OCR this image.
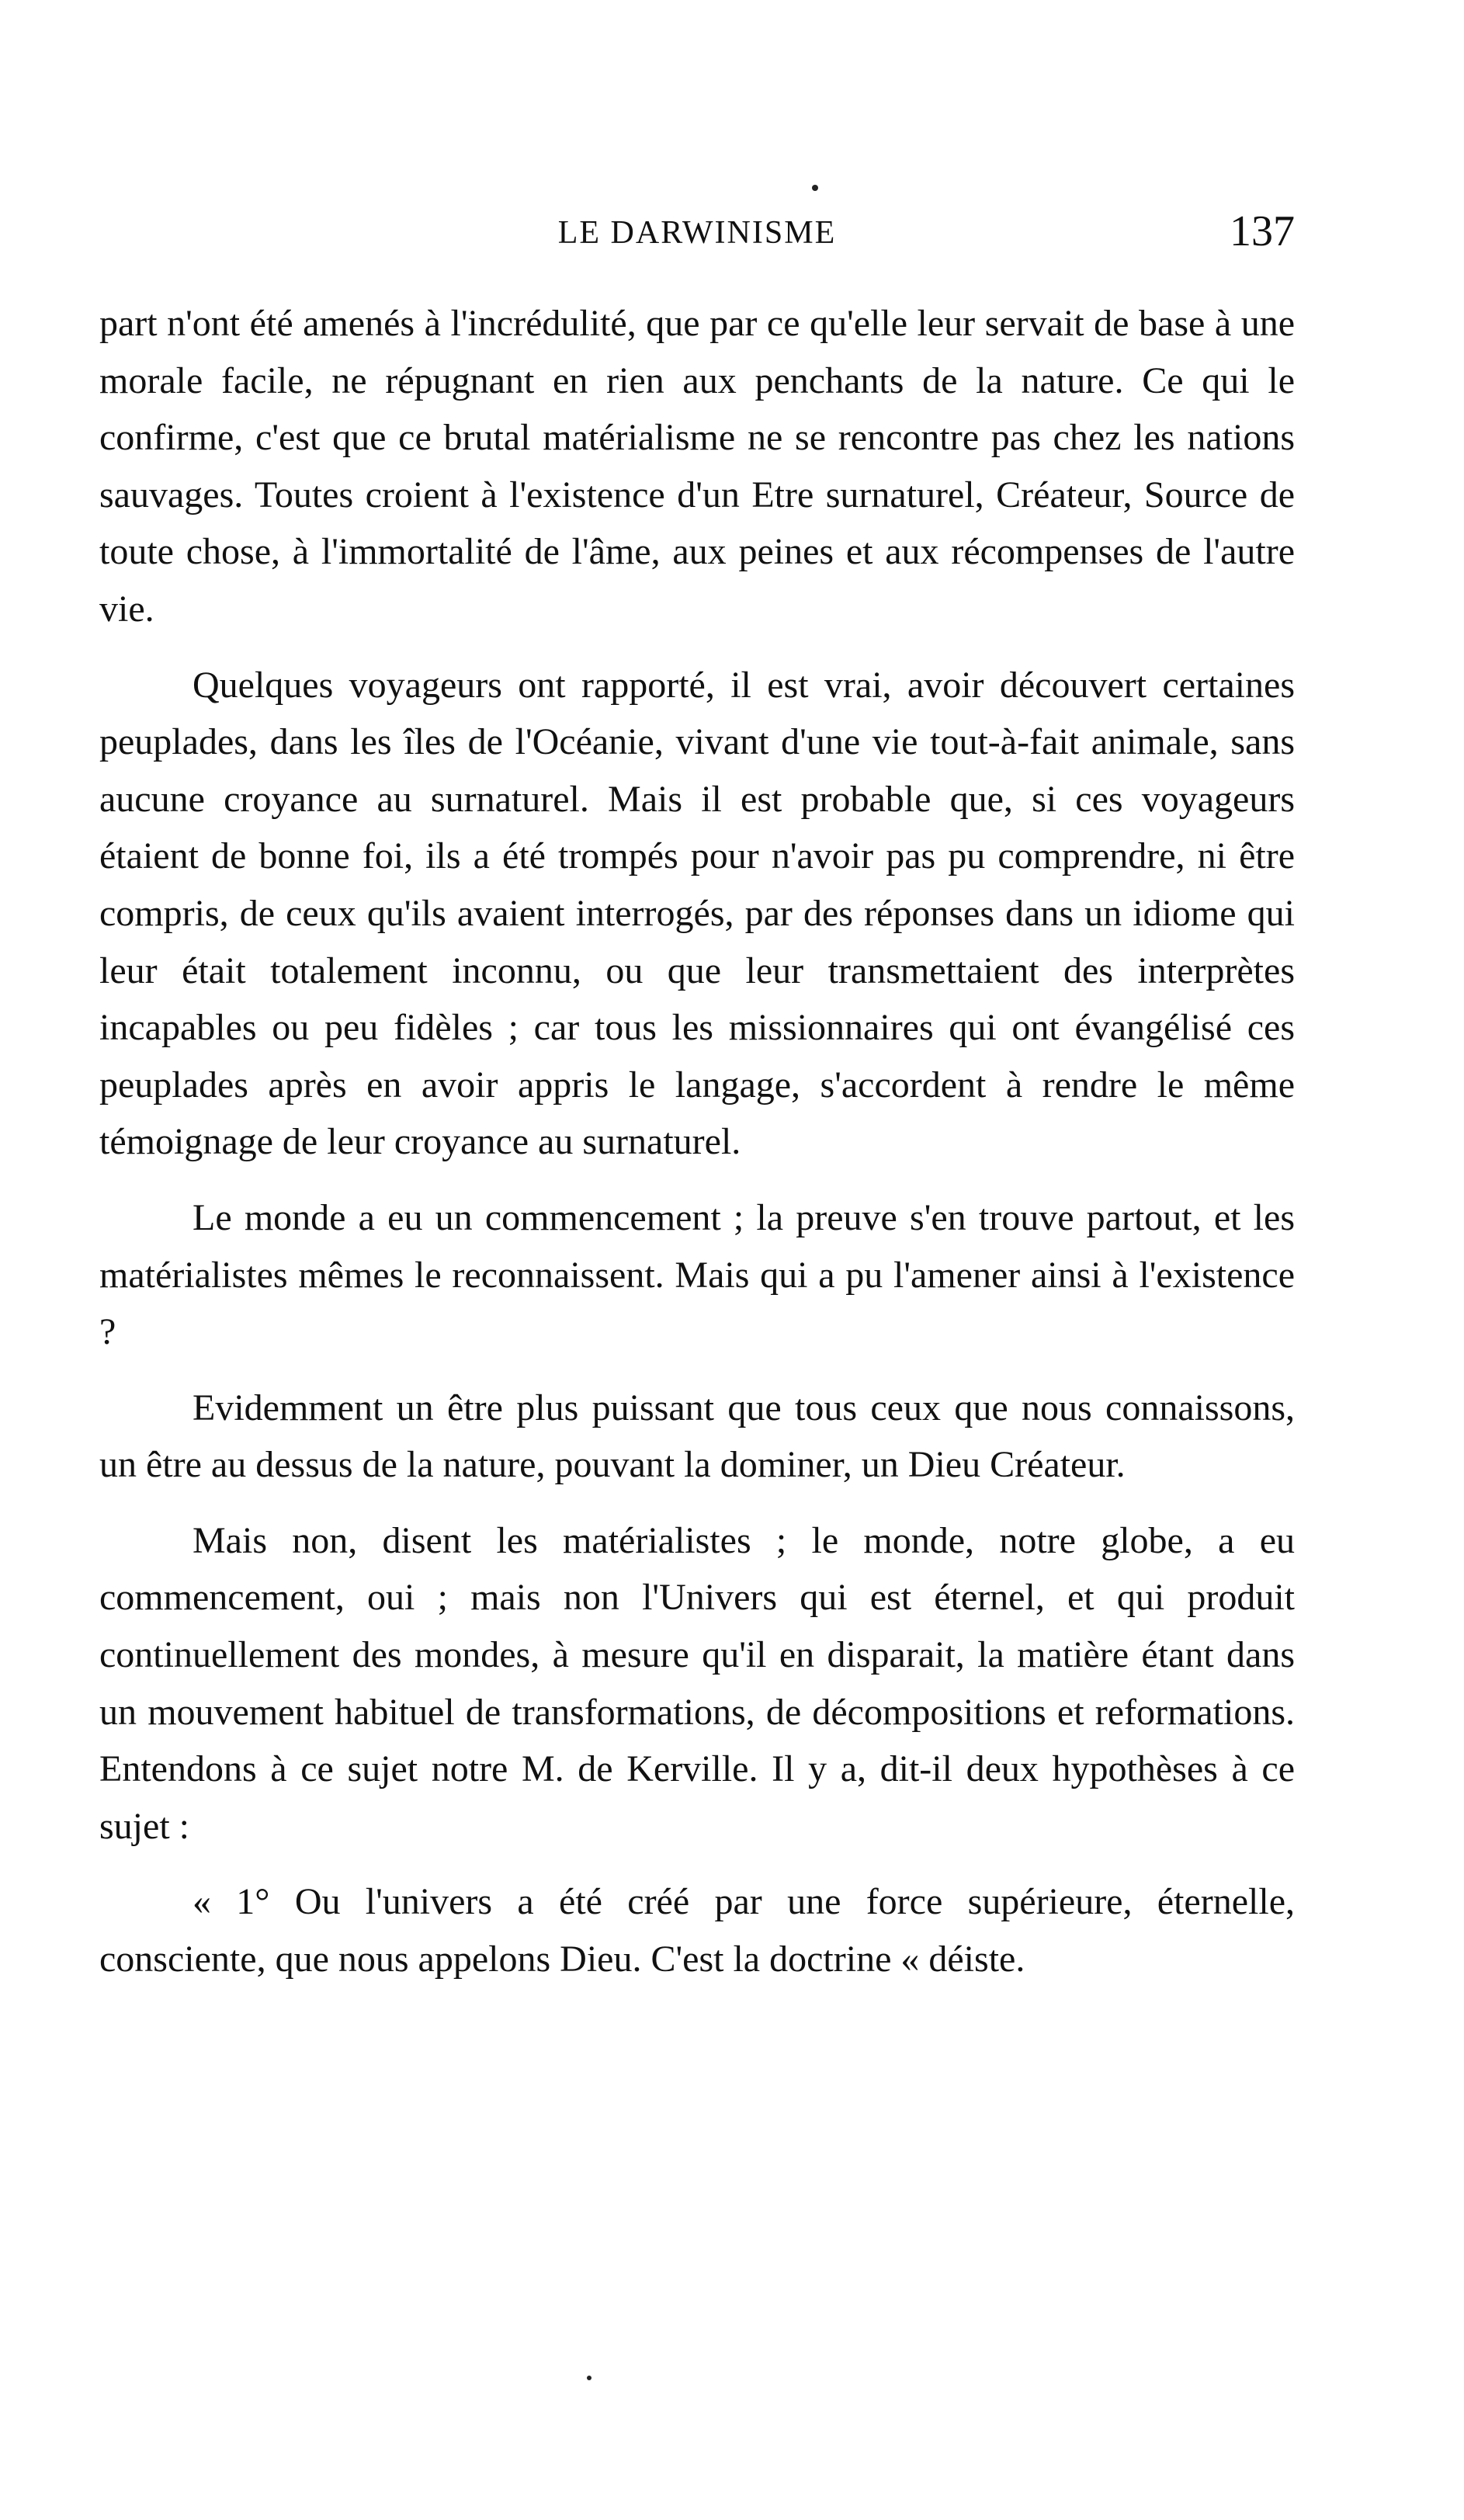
LE DARWINISME	137

part n'ont été amenés à l'incrédulité, que par ce qu'elle leur servait de base à une morale facile, ne répugnant en rien aux penchants de la nature. Ce qui le confirme, c'est que ce brutal matérialisme ne se rencontre pas chez les nations sauvages. Toutes croient à l'existence d'un Etre surnaturel, Créateur, Source de toute chose, à l'immortalité de l'âme, aux peines et aux récompenses de l'autre vie.

Quelques voyageurs ont rapporté, il est vrai, avoir découvert certaines peuplades, dans les îles de l'Océanie, vivant d'une vie tout-à-fait animale, sans aucune croyance au surnaturel. Mais il est probable que, si ces voyageurs étaient de bonne foi, ils a été trompés pour n'avoir pas pu comprendre, ni être compris, de ceux qu'ils avaient interrogés, par des réponses dans un idiome qui leur était totalement inconnu, ou que leur transmettaient des interprètes incapables ou peu fidèles ; car tous les missionnaires qui ont évangélisé ces peuplades après en avoir appris le langage, s'accordent à rendre le même témoignage de leur croyance au surnaturel.

Le monde a eu un commencement ; la preuve s'en trouve partout, et les matérialistes mêmes le reconnaissent. Mais qui a pu l'amener ainsi à l'existence ?

Evidemment un être plus puissant que tous ceux que nous connaissons, un être au dessus de la nature, pouvant la dominer, un Dieu Créateur.

Mais non, disent les matérialistes ; le monde, notre globe, a eu commencement, oui ; mais non l'Univers qui est éternel, et qui produit continuellement des mondes, à mesure qu'il en disparait, la matière étant dans un mouvement habituel de transformations, de décompositions et reformations. Entendons à ce sujet notre M. de Kerville. Il y a, dit-il deux hypothèses à ce sujet :

« 1° Ou l'univers a été créé par une force supérieure, éternelle, consciente, que nous appelons Dieu. C'est la doctrine « déiste.
